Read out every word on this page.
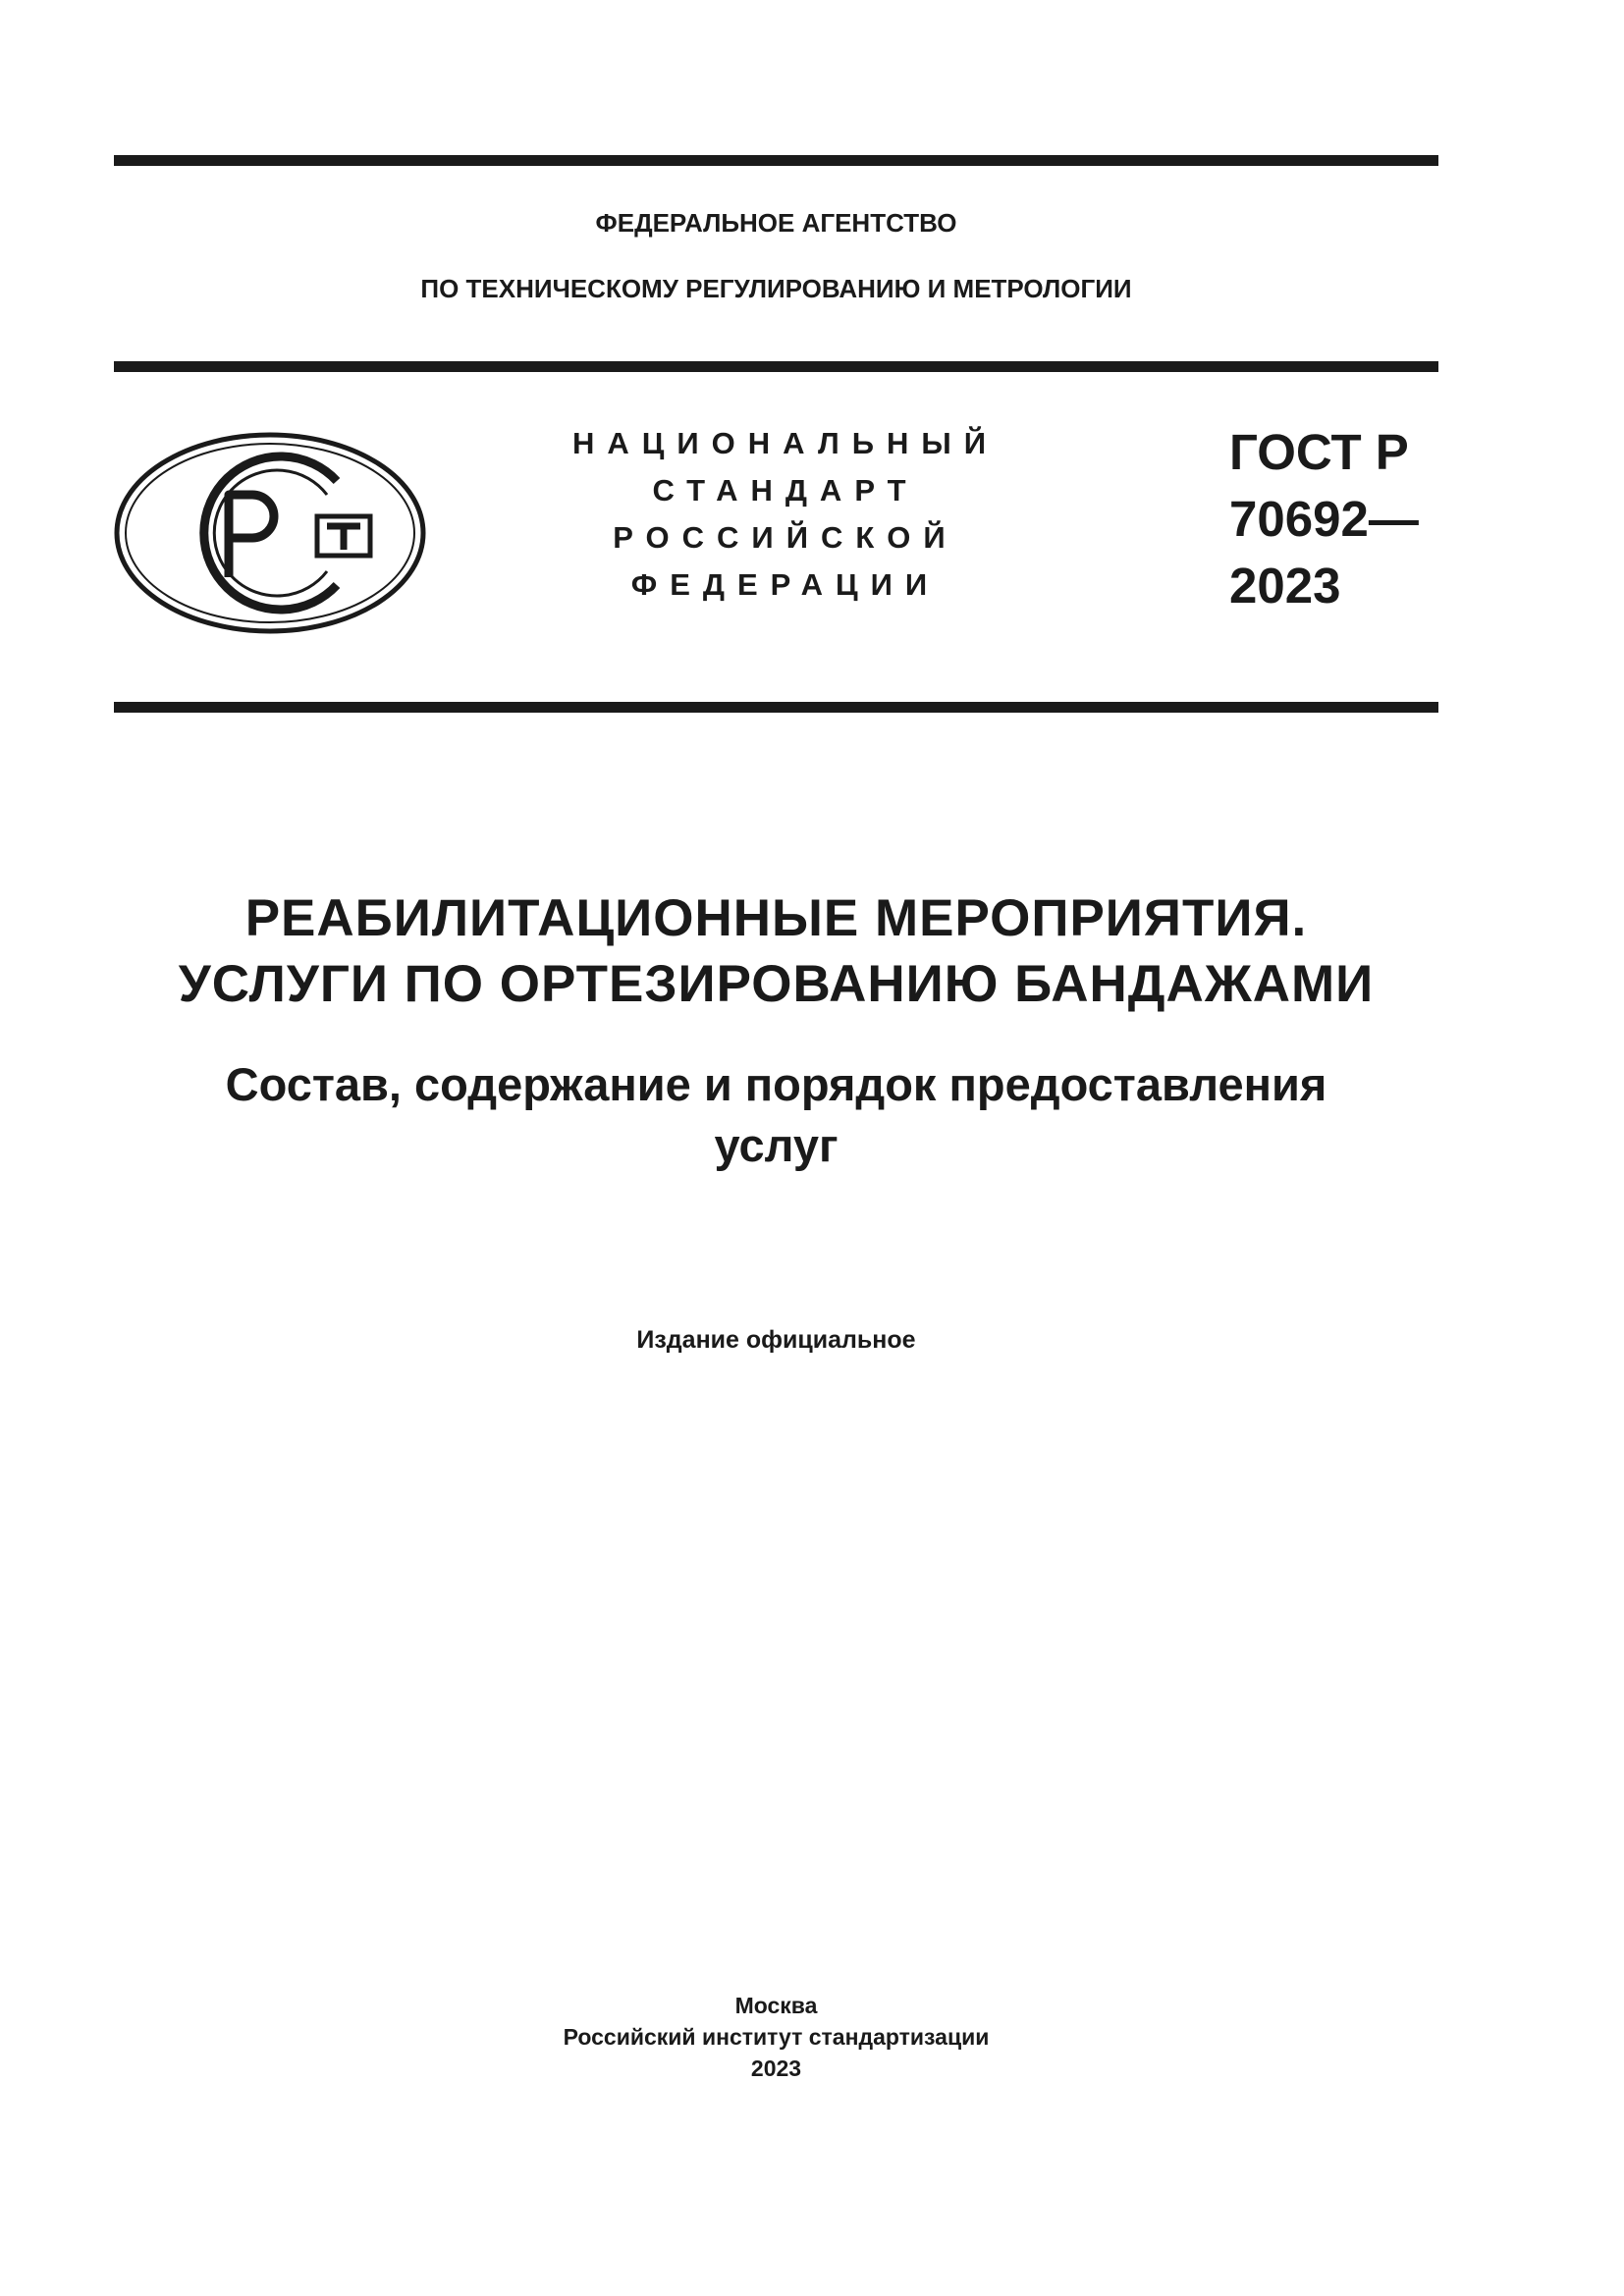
ФЕДЕРАЛЬНОЕ АГЕНТСТВО
ПО ТЕХНИЧЕСКОМУ РЕГУЛИРОВАНИЮ И МЕТРОЛОГИИ
НАЦИОНАЛЬНЫЙ
СТАНДАРТ
РОССИЙСКОЙ
ФЕДЕРАЦИИ
ГОСТ Р
70692—
2023
РЕАБИЛИТАЦИОННЫЕ МЕРОПРИЯТИЯ.
УСЛУГИ ПО ОРТЕЗИРОВАНИЮ БАНДАЖАМИ
Состав, содержание и порядок предоставления
услуг
Издание официальное
Москва
Российский институт стандартизации
2023
